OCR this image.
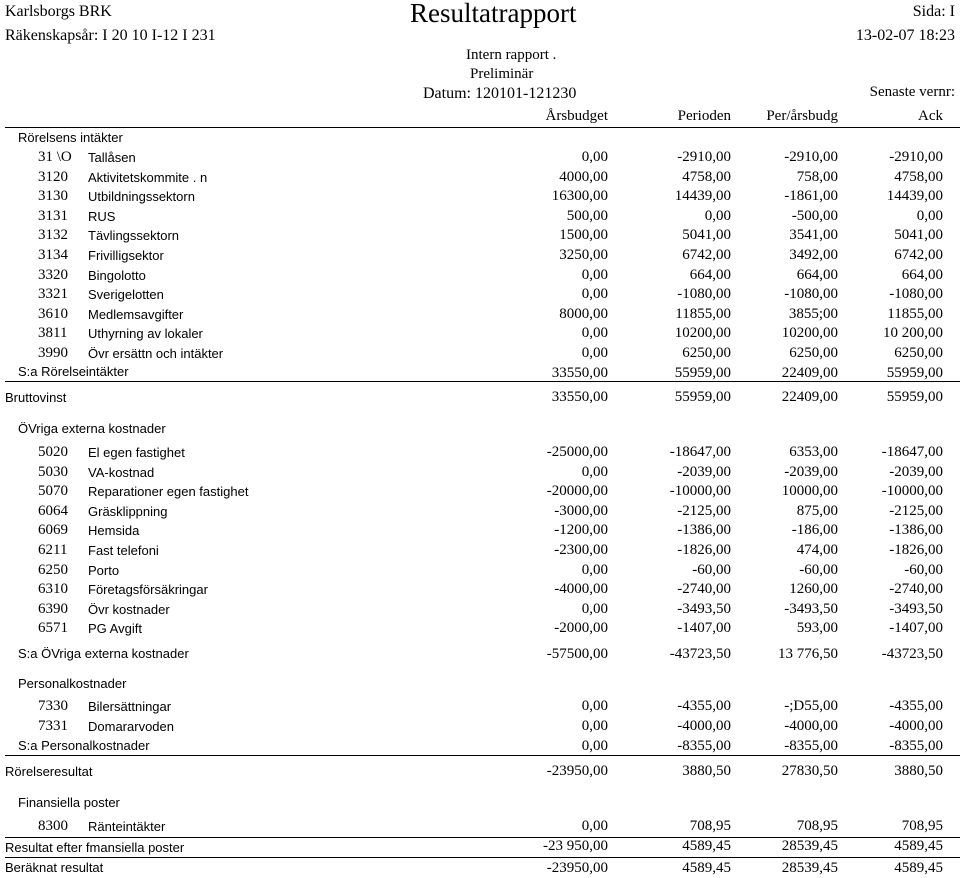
Karlsborgs BRK	Resultatrapport	Sida: I
Räkenskapsår: I 20 10 I-12 I 231	13-02-07 18:23
Intern rapport .
Preliminär
Datum: 120101-121230	Senaste vernr:
Årsbudget	Perioden Per/årsbudg	Ack
Rörelsens intäkter
31 \O Tallåsen	0,00	-2910,00	-2910,00	-2910,00
3120 Aktivitetskommite . n	4000,00	4758,00	758,00	4758,00
3130 Utbildningssektorn	16300,00	14439,00	-1861,00	14439,00
3131 RUS	500,00	0,00	-500,00	0,00
3132 Tävlingssektorn	1500,00	5041,00	3541,00	5041,00
3134 Frivilligsektor	3250,00	6742,00	3492,00	6742,00
3320 Bingolotto	0,00	664,00	664,00	664,00
3321 Sverigelotten	0,00	-1080,00	-1080,00	-1080,00
3610 Medlemsavgifter	8000,00	11855,00	3855;00	11855,00
3811 Uthyrning av lokaler	0,00	10200,00	10200,00	10 200,00
3990 Övr ersättn och intäkter	0,00	6250,00	6250,00	6250,00
S:a Rörelseintäkter	33550,00	55959,00	22409,00	55959,00
Bruttovinst	33550,00	55959,00	22409,00	55959,00
ÖVriga externa kostnader
5020 El egen fastighet	-25000,00	-18647,00	6353,00	-18647,00
5030 VA-kostnad	0,00	-2039,00	-2039,00	-2039,00
5070 Reparationer egen fastighet	-20000,00	-10000,00	10000,00	-10000,00
6064 Gräsklippning	-3000,00	-2125,00	875,00	-2125,00
6069 Hemsida	-1200,00	-1386,00	-186,00	-1386,00
6211 Fast telefoni	-2300,00	-1826,00	474,00	-1826,00
6250 Porto	0,00	-60,00	-60,00	-60,00
6310 Företagsförsäkringar	-4000,00	-2740,00	1260,00	-2740,00
6390 Övr kostnader	0,00	-3493,50	-3493,50	-3493,50
6571 PG Avgift	-2000,00	-1407,00	593,00	-1407,00
S:a ÖVriga externa kostnader	-57500,00	-43723,50	13 776,50	-43723,50
Personalkostnader
7330 Bilersättningar	0,00	-4355,00	-;D55,00	-4355,00
7331 Domararvoden	0,00	-4000,00	-4000,00	-4000,00
S:a Personalkostnader	0,00	-8355,00	-8355,00	-8355,00
Rörelseresultat	-23950,00	3880,50	27830,50	3880,50
Finansiella poster
8300 Ränteintäkter	0,00	708,95	708,95	708,95
Resultat efter fmansiella poster	-23 950,00	4589,45	28539,45	4589,45
Beräknat resultat	-23950,00	4589,45	28539,45	4589,45
